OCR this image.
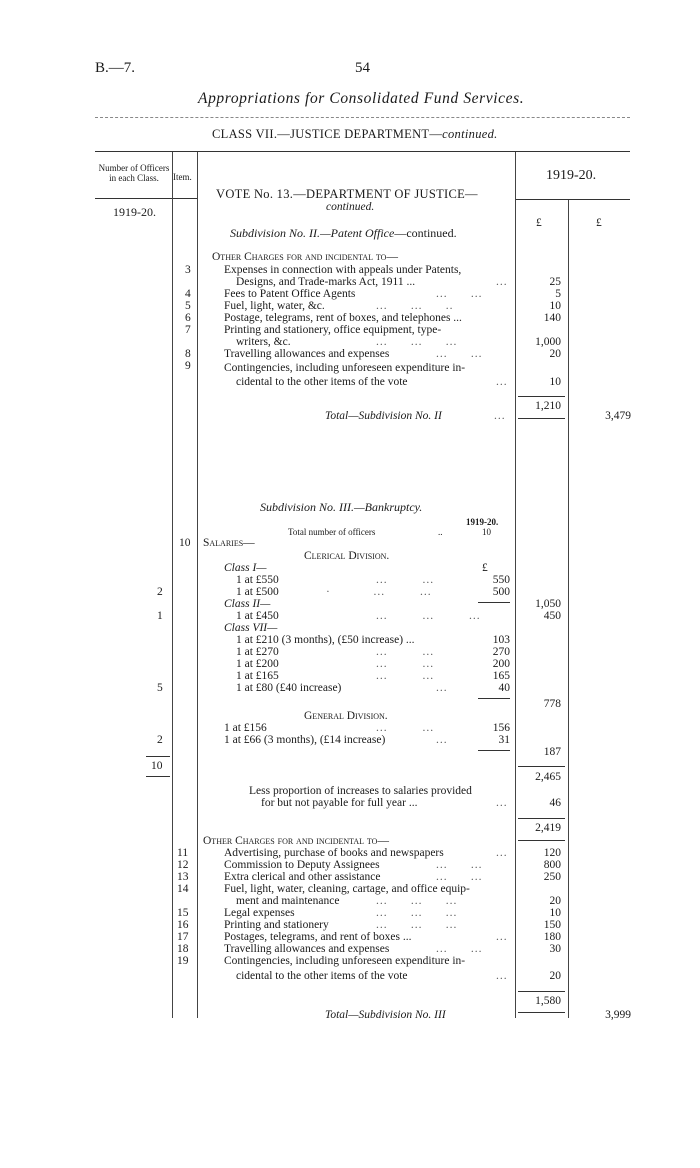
B.—7.	54
Appropriations for Consolidated Fund Services.
CLASS VII.—JUSTICE DEPARTMENT—continued.
Number of Officers in each Class.	Item.
1919-20.
1919-20.
£	£
VOTE No. 13.—DEPARTMENT OF JUSTICE—
continued.
Subdivision No. II.—Patent Office—continued.
Other Charges for and incidental to—
3	Expenses in connection with appeals under Patents,
Designs, and Trade-marks Act, 1911 ...	...	25
4	Fees to Patent Office Agents	...      ...	5
5	Fuel, light, water, &c.	...      ...      ..	10
6	Postage, telegrams, rent of boxes, and telephones ...	140
7	Printing and stationery, office equipment, type-
writers, &c.	...      ...      ...	1,000
8	Travelling allowances and expenses	...      ...	20
9	Contingencies, including unforeseen expenditure in-
cidental to the other items of the vote	...	10
1,210
Total—Subdivision No. II	...	3,479
Subdivision No. III.—Bankruptcy.
1919-20.
Total number of officers	..	10
10 Salaries—
Clerical Division.
£
Class I—
1 at £550	...         ...	550
2	1 at £500	·           ...         ...	500
1,050
Class II—
1	1 at £450	...         ...         ...	450
Class VII—
1 at £210 (3 months), (£50 increase) ...	103
1 at £270	...         ...	270
1 at £200	...         ...	200
1 at £165	...         ...	165
5	1 at £80 (£40 increase)	...	40
778
General Division.
1 at £156	...         ...	156
2	1 at £66 (3 months), (£14 increase)	...	31
187
10
2,465
Less proportion of increases to salaries provided
for but not payable for full year ...	...	46
2,419
Other Charges for and incidental to—
11	Advertising, purchase of books and newspapers	...	120
12	Commission to Deputy Assignees	...      ...	800
13	Extra clerical and other assistance	...      ...	250
14	Fuel, light, water, cleaning, cartage, and office equip-
ment and maintenance	...      ...      ...	20
15	Legal expenses	...      ...      ...	10
16	Printing and stationery	...      ...      ...	150
17	Postages, telegrams, and rent of boxes ...	...	180
18	Travelling allowances and expenses	...      ...	30
19	Contingencies, including unforeseen expenditure in-
cidental to the other items of the vote	...	20
1,580
Total—Subdivision No. III	3,999
